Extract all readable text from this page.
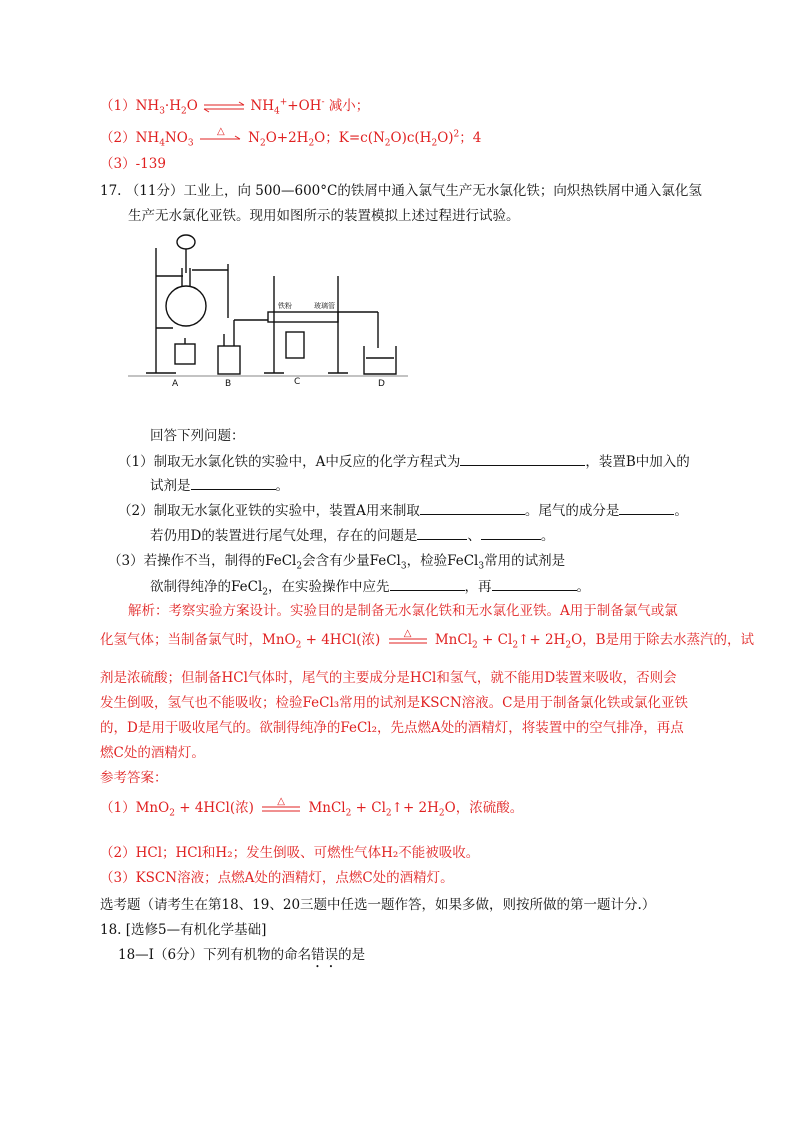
$(1)NH_3\cdot H_2O$ ⇌ $NH_4^++OH^-$ 减小；
$(2)NH_4NO_3$
△	$N_2O+2H_2O$；$K=c(N_2O)c(H_2O)^2$；4
（3）-139
17. （11分）工业上，向 500—600°C的铁屑中通入氯气生产无水氯化铁；向炽热铁屑中通入氯化氢
生产无水氯化亚铁。现用如图所示的装置模拟上述过程进行试验。
A	B	C	D
铁粉	玻璃管
回答下列问题：
（1）制取无水氯化铁的实验中，A中反应的化学方程式为	，装置B中加入的
试剂是	。
（2）制取无水氯化亚铁的实验中，装置A用来制取	。尾气的成分是	。
若仍用D的装置进行尾气处理，存在的问题是	、	。
（3）若操作不当，制得的FeCl$_2$会含有少量FeCl$_3$，检验FeCl$_3$常用的试剂是
欲制得纯净的FeCl$_2$，在实验操作中应先	，再	。
解析：考察实验方案设计。实验目的是制备无水氯化铁和无水氯化亚铁。A用于制备氯气或氯
化氢气体；当制备氯气时，MnO$_2$ + 4HCl(浓)	△	MnCl$_2$ + $Cl_2↑+ 2H_2O$，B是用于除去水蒸汽的，试
剂是浓硫酸；但制备HCl气体时，尾气的主要成分是HCl和氢气，就不能用D装置来吸收，否则会
发生倒吸，氢气也不能吸收；检验FeCl₃常用的试剂是KSCN溶液。C是用于制备氯化铁或氯化亚铁
的，D是用于吸收尾气的。欲制得纯净的FeCl₂，先点燃A处的酒精灯，将装置中的空气排净，再点
燃C处的酒精灯。
参考答案：
（1）MnO$_2$ + 4HCl(浓)	△	MnCl$_2$ + $Cl_2↑+ 2H_2O$，浓硫酸。
（2）HCl；HCl和H₂；发生倒吸、可燃性气体H₂不能被吸收。
（3）KSCN溶液；点燃A处的酒精灯，点燃C处的酒精灯。
选考题（请考生在第18、19、20三题中任选一题作答，如果多做，则按所做的第一题计分.）
18. [选修5—有机化学基础]
18—I（6分）下列有机物的命名错误的是
